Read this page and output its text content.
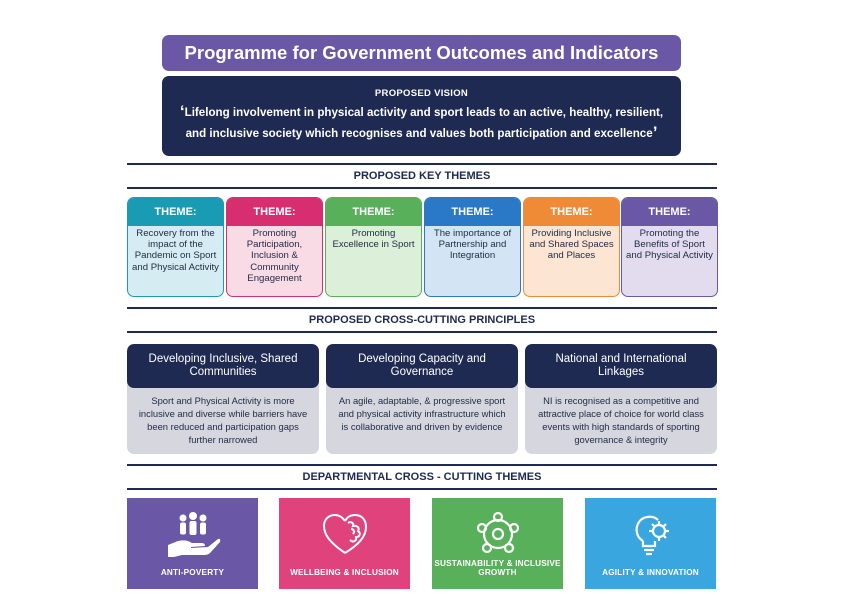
Programme for Government Outcomes and Indicators
PROPOSED VISION
‘Lifelong involvement in physical activity and sport leads to an active, healthy, resilient,
and inclusive society which recognises and values both participation and excellence’
PROPOSED KEY THEMES
THEME:
Recovery from the impact of the Pandemic on Sport and Physical Activity
THEME:
Promoting Participation, Inclusion & Community Engagement
THEME:
Promoting Excellence in Sport
THEME:
The importance of Partnership and Integration
THEME:
Providing Inclusive and Shared Spaces and Places
THEME:
Promoting the Benefits of Sport and Physical Activity
PROPOSED CROSS-CUTTING PRINCIPLES
Developing Inclusive, Shared Communities
Sport and Physical Activity is more inclusive and diverse while barriers have been reduced and participation gaps further narrowed
Developing Capacity and Governance
An agile, adaptable, & progressive sport and physical activity infrastructure which is collaborative and driven by evidence
National and International Linkages
NI is recognised as a competitive and attractive place of choice for world class events with high standards of sporting governance & integrity
DEPARTMENTAL CROSS - CUTTING THEMES
ANTI-POVERTY	WELLBEING & INCLUSION
SUSTAINABILITY & INCLUSIVE GROWTH	AGILITY & INNOVATION
